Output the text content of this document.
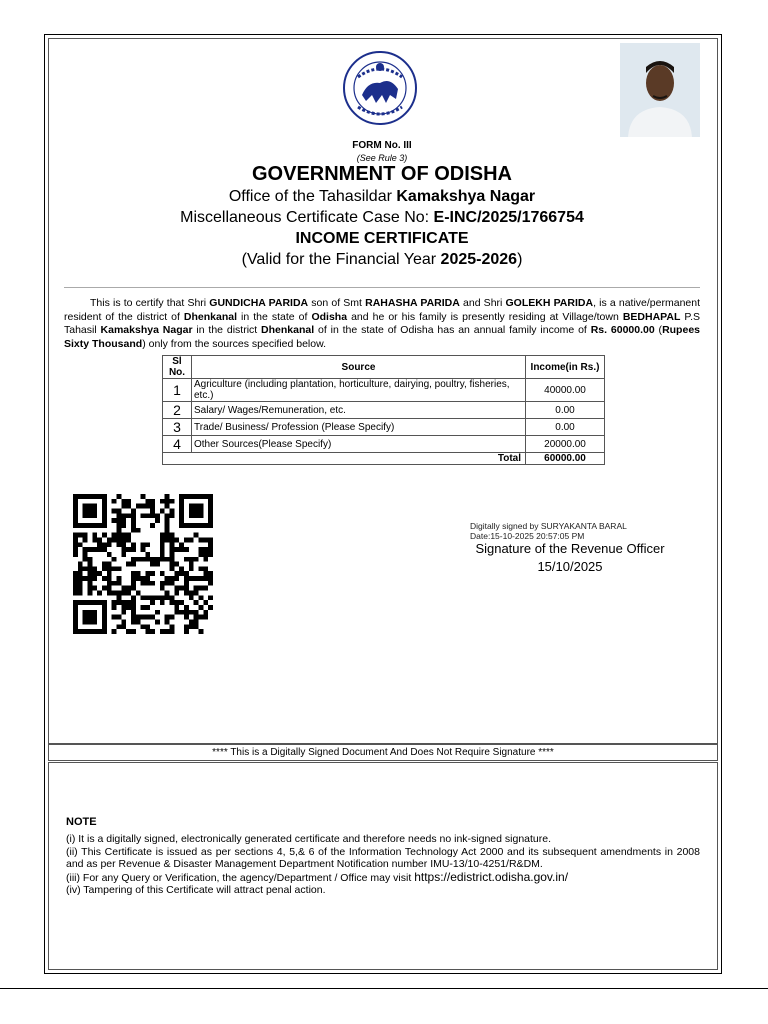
FORM No. III
(See Rule 3)
GOVERNMENT OF ODISHA
Office of the Tahasildar Kamakshya Nagar
Miscellaneous Certificate Case No: E-INC/2025/1766754
INCOME CERTIFICATE
(Valid for the Financial Year 2025-2026)
This is to certify that Shri GUNDICHA PARIDA son of Smt RAHASHA PARIDA and Shri GOLEKH PARIDA, is a native/permanent resident of the district of Dhenkanal in the state of Odisha and he or his family is presently residing at Village/town BEDHAPAL P.S Tahasil Kamakshya Nagar in the district Dhenkanal of in the state of Odisha has an annual family income of Rs. 60000.00 (Rupees Sixty Thousand) only from the sources specified below.
Sl No.	Source	Income(in Rs.)
1	Agriculture (including plantation, horticulture, dairying, poultry, fisheries, etc.)	40000.00
2	Salary/ Wages/Remuneration, etc.	0.00
3	Trade/ Business/ Profession (Please Specify)	0.00
4	Other Sources(Please Specify)	20000.00
Total		60000.00
Digitally signed by SURYAKANTA BARAL
Date:15-10-2025 20:57:05 PM
Signature of the Revenue Officer
15/10/2025
**** This is a Digitally Signed Document And Does Not Require Signature ****
NOTE
(i) It is a digitally signed, electronically generated certificate and therefore needs no ink-signed signature.
(ii) This Certificate is issued as per sections 4, 5,& 6 of the Information Technology Act 2000 and its subsequent amendments in 2008 and as per Revenue & Disaster Management Department Notification number IMU-13/10-4251/R&DM.
(iii) For any Query or Verification, the agency/Department / Office may visit https://edistrict.odisha.gov.in/
(iv) Tampering of this Certificate will attract penal action.
